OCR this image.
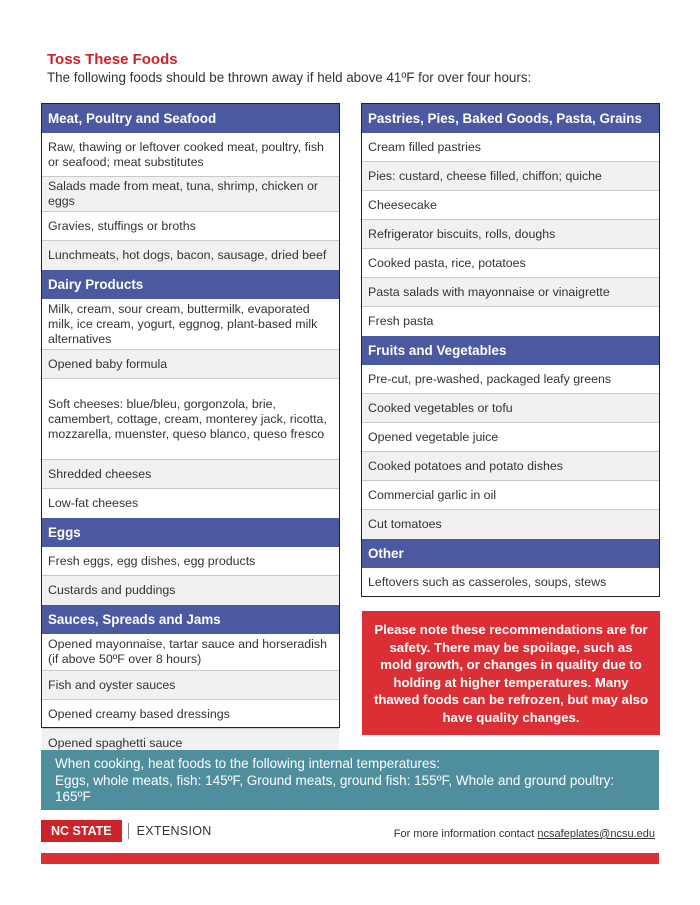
Toss These Foods
The following foods should be thrown away if held above 41ºF for over four hours:
Meat, Poultry and Seafood
Raw, thawing or leftover cooked meat, poultry, fish or seafood; meat substitutes
Salads made from meat, tuna, shrimp, chicken or eggs
Gravies, stuffings or broths
Lunchmeats, hot dogs, bacon, sausage, dried beef
Dairy Products
Milk, cream, sour cream, buttermilk, evaporated milk, ice cream, yogurt, eggnog, plant-based milk alternatives
Opened baby formula
Soft cheeses: blue/bleu, gorgonzola, brie, camembert, cottage, cream, monterey jack, ricotta, mozzarella, muenster, queso blanco, queso fresco
Shredded cheeses
Low-fat cheeses
Eggs
Fresh eggs, egg dishes, egg products
Custards and puddings
Sauces, Spreads and Jams
Opened mayonnaise, tartar sauce and horseradish (if above 50ºF over 8 hours)
Fish and oyster sauces
Opened creamy based dressings
Opened spaghetti sauce
Pastries, Pies, Baked Goods, Pasta, Grains
Cream filled pastries
Pies: custard, cheese filled, chiffon; quiche
Cheesecake
Refrigerator biscuits, rolls, doughs
Cooked pasta, rice, potatoes
Pasta salads with mayonnaise or vinaigrette
Fresh pasta
Fruits and Vegetables
Pre-cut, pre-washed, packaged leafy greens
Cooked vegetables or tofu
Opened vegetable juice
Cooked potatoes and potato dishes
Commercial garlic in oil
Cut tomatoes
Other
Leftovers such as casseroles, soups, stews
Please note these recommendations are for safety. There may be spoilage, such as mold growth, or changes in quality due to holding at higher temperatures. Many thawed foods can be refrozen, but may also have quality changes.
When cooking, heat foods to the following internal temperatures:
Eggs, whole meats, fish: 145ºF, Ground meats, ground fish: 155ºF, Whole and ground poultry: 165ºF
NC STATE	EXTENSION	For more information contact ncsafeplates@ncsu.edu
